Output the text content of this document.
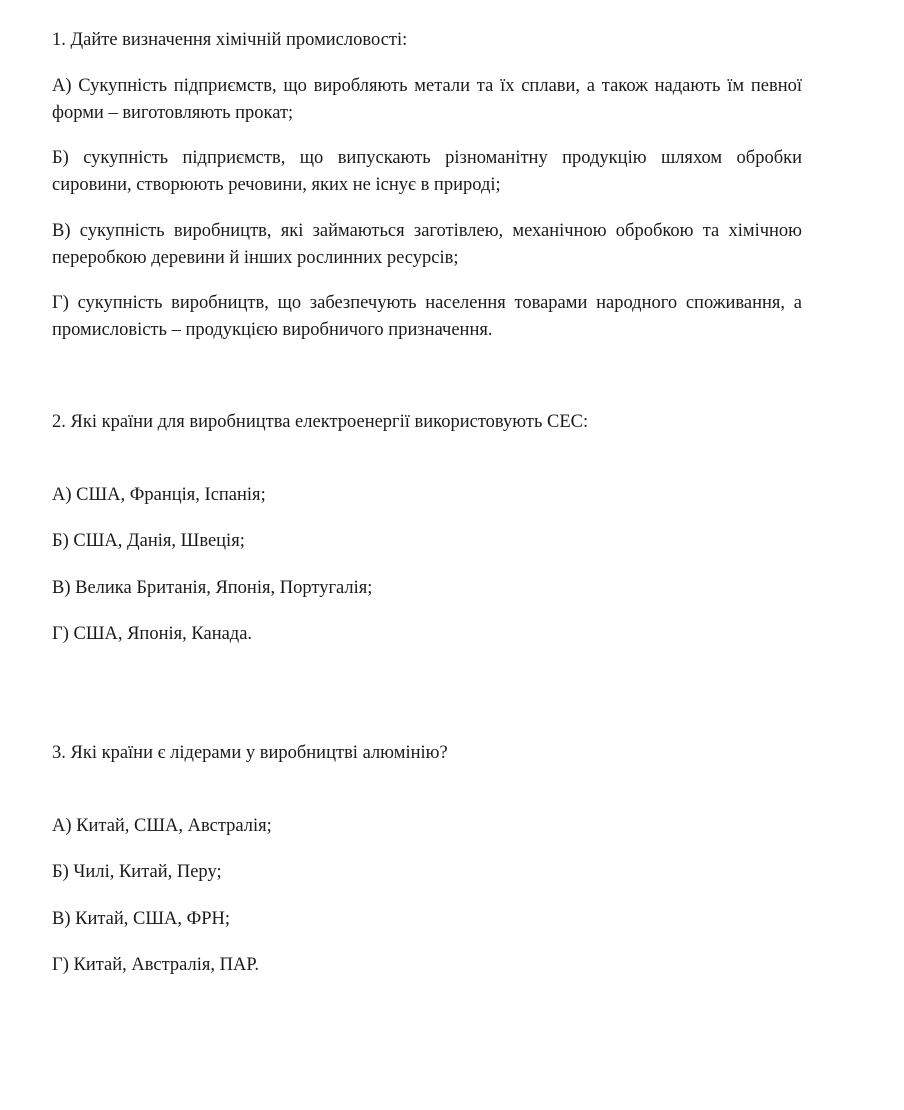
1. Дайте визначення хімічній промисловості:
А) Сукупність підприємств, що виробляють метали та їх сплави, а також надають їм певної форми – виготовляють прокат;
Б) сукупність підприємств, що випускають різноманітну продукцію шляхом обробки сировини, створюють речовини, яких не існує в природі;
В) сукупність виробництв, які займаються заготівлею, механічною обробкою та хімічною переробкою деревини й інших рослинних ресурсів;
Г) сукупність виробництв, що забезпечують населення товарами народного споживання, а промисловість – продукцією виробничого призначення.
2. Які країни для виробництва електроенергії використовують СЕС:
А) США, Франція, Іспанія;
Б) США, Данія, Швеція;
В) Велика Британія, Японія, Португалія;
Г) США, Японія, Канада.
3. Які країни є лідерами у виробництві алюмінію?
А) Китай, США, Австралія;
Б) Чилі, Китай, Перу;
В) Китай, США, ФРН;
Г) Китай, Австралія, ПАР.
